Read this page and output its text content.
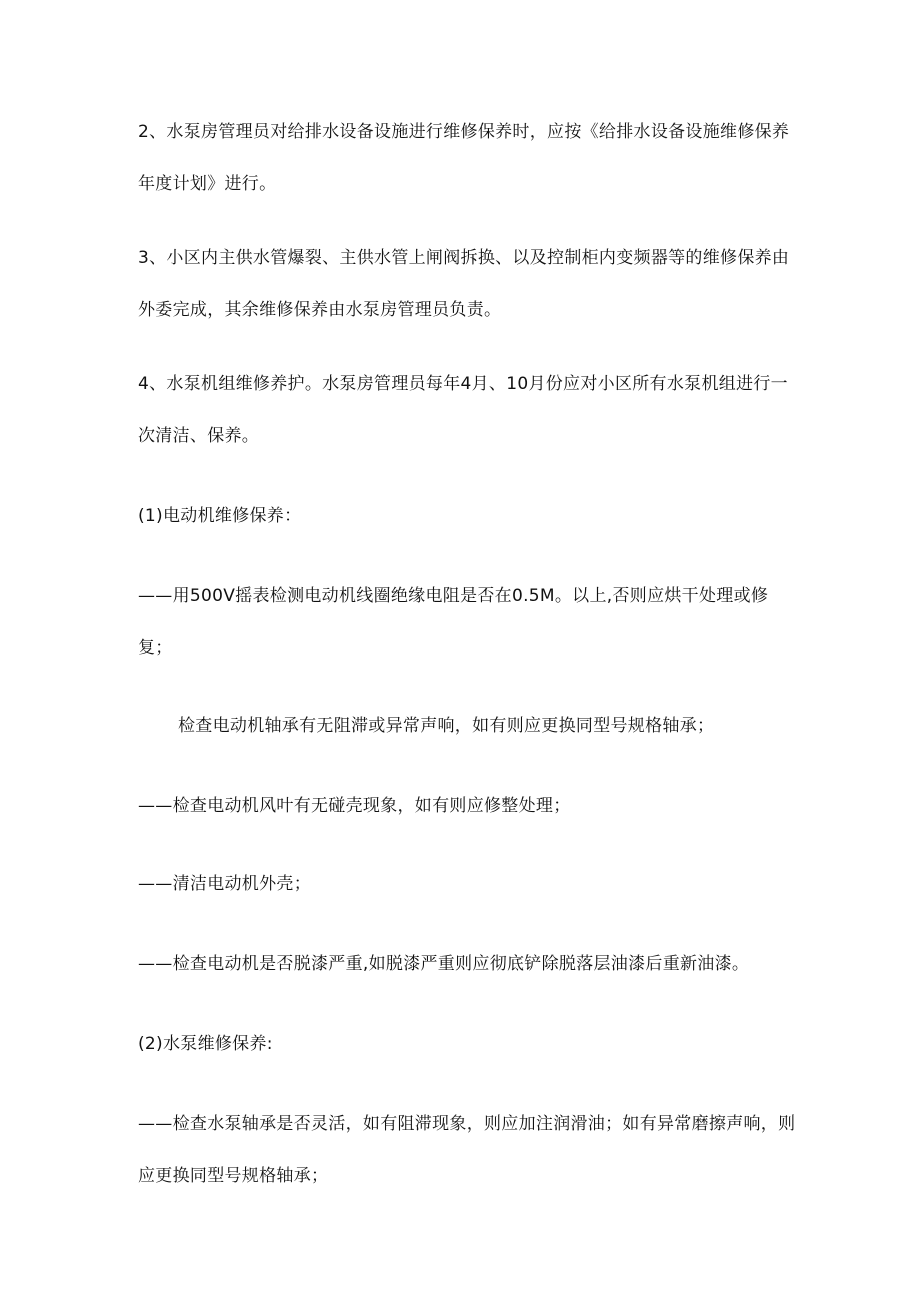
2、水泵房管理员对给排水设备设施进行维修保养时，应按《给排水设备设施维修保养年度计划》进行。

3、小区内主供水管爆裂、主供水管上闸阀拆换、以及控制柜内变频器等的维修保养由外委完成，其余维修保养由水泵房管理员负责。

4、水泵机组维修养护。水泵房管理员每年4月、10月份应对小区所有水泵机组进行一次清洁、保养。

(1)电动机维修保养：

——用500V摇表检测电动机线圈绝缘电阻是否在0.5M。以上,否则应烘干处理或修复；

检查电动机轴承有无阻滞或异常声响，如有则应更换同型号规格轴承；

——检查电动机风叶有无碰壳现象，如有则应修整处理；

——清洁电动机外壳；

——检查电动机是否脱漆严重,如脱漆严重则应彻底铲除脱落层油漆后重新油漆。

(2)水泵维修保养:

——检查水泵轴承是否灵活，如有阻滞现象，则应加注润滑油；如有异常磨擦声响，则应更换同型号规格轴承；
